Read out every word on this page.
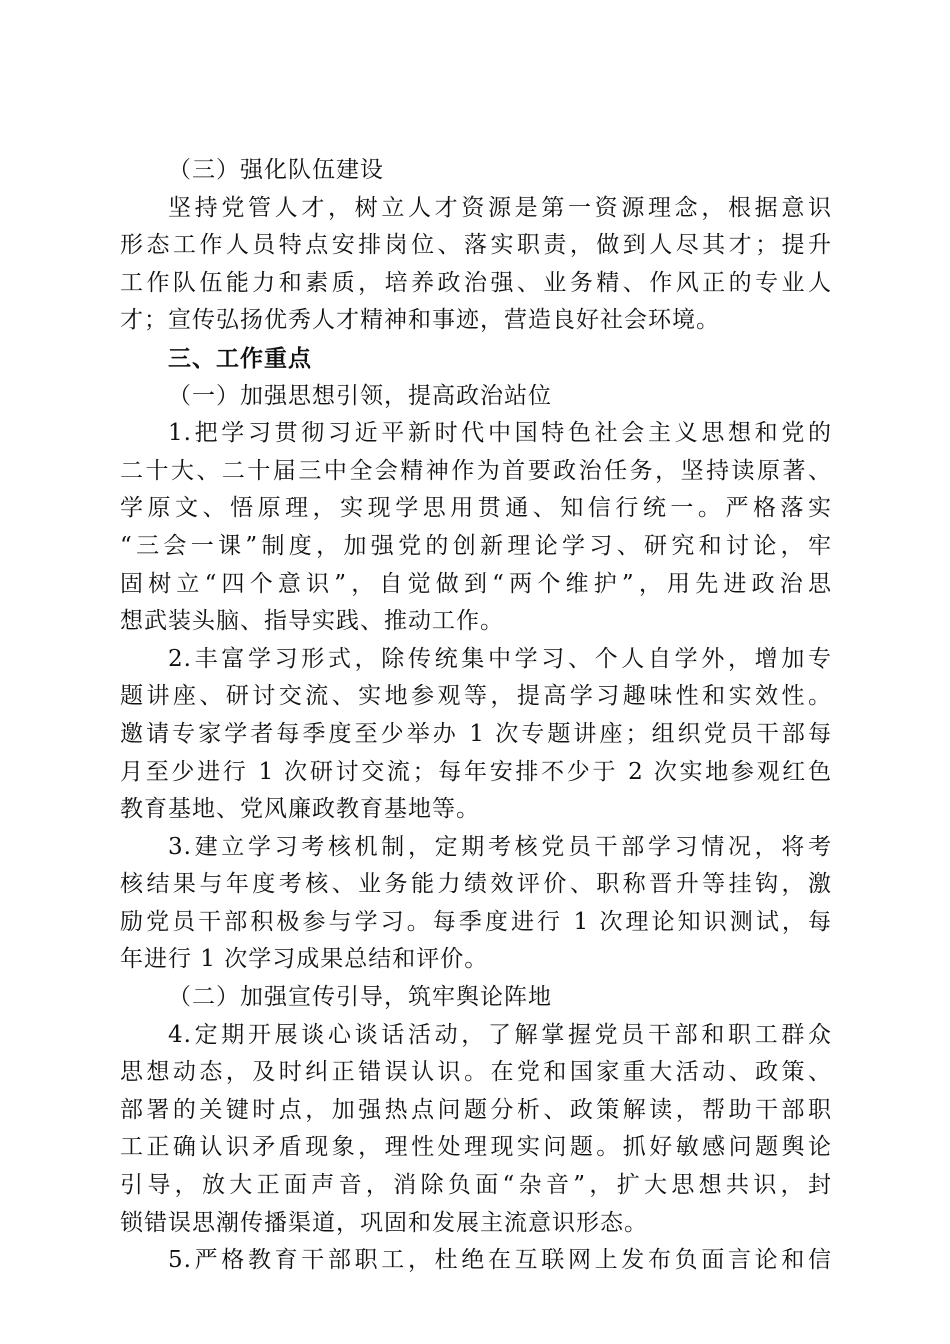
（三）强化队伍建设
坚持党管人才，树立人才资源是第一资源理念，根据意识
形态工作人员特点安排岗位、落实职责，做到人尽其才；提升
工作队伍能力和素质，培养政治强、业务精、作风正的专业人
才；宣传弘扬优秀人才精神和事迹，营造良好社会环境。
三、工作重点
（一）加强思想引领，提高政治站位
1.把学习贯彻习近平新时代中国特色社会主义思想和党的
二十大、二十届三中全会精神作为首要政治任务，坚持读原著、
学原文、悟原理，实现学思用贯通、知信行统一。严格落实
“三会一课”制度，加强党的创新理论学习、研究和讨论，牢
固树立“四个意识”，自觉做到“两个维护”，用先进政治思
想武装头脑、指导实践、推动工作。
2.丰富学习形式，除传统集中学习、个人自学外，增加专
题讲座、研讨交流、实地参观等，提高学习趣味性和实效性。
邀请专家学者每季度至少举办 1 次专题讲座；组织党员干部每
月至少进行 1 次研讨交流；每年安排不少于 2 次实地参观红色
教育基地、党风廉政教育基地等。
3.建立学习考核机制，定期考核党员干部学习情况，将考
核结果与年度考核、业务能力绩效评价、职称晋升等挂钩，激
励党员干部积极参与学习。每季度进行 1 次理论知识测试，每
年进行 1 次学习成果总结和评价。
（二）加强宣传引导，筑牢舆论阵地
4.定期开展谈心谈话活动，了解掌握党员干部和职工群众
思想动态，及时纠正错误认识。在党和国家重大活动、政策、
部署的关键时点，加强热点问题分析、政策解读，帮助干部职
工正确认识矛盾现象，理性处理现实问题。抓好敏感问题舆论
引导，放大正面声音，消除负面“杂音”，扩大思想共识，封
锁错误思潮传播渠道，巩固和发展主流意识形态。
5.严格教育干部职工，杜绝在互联网上发布负面言论和信
